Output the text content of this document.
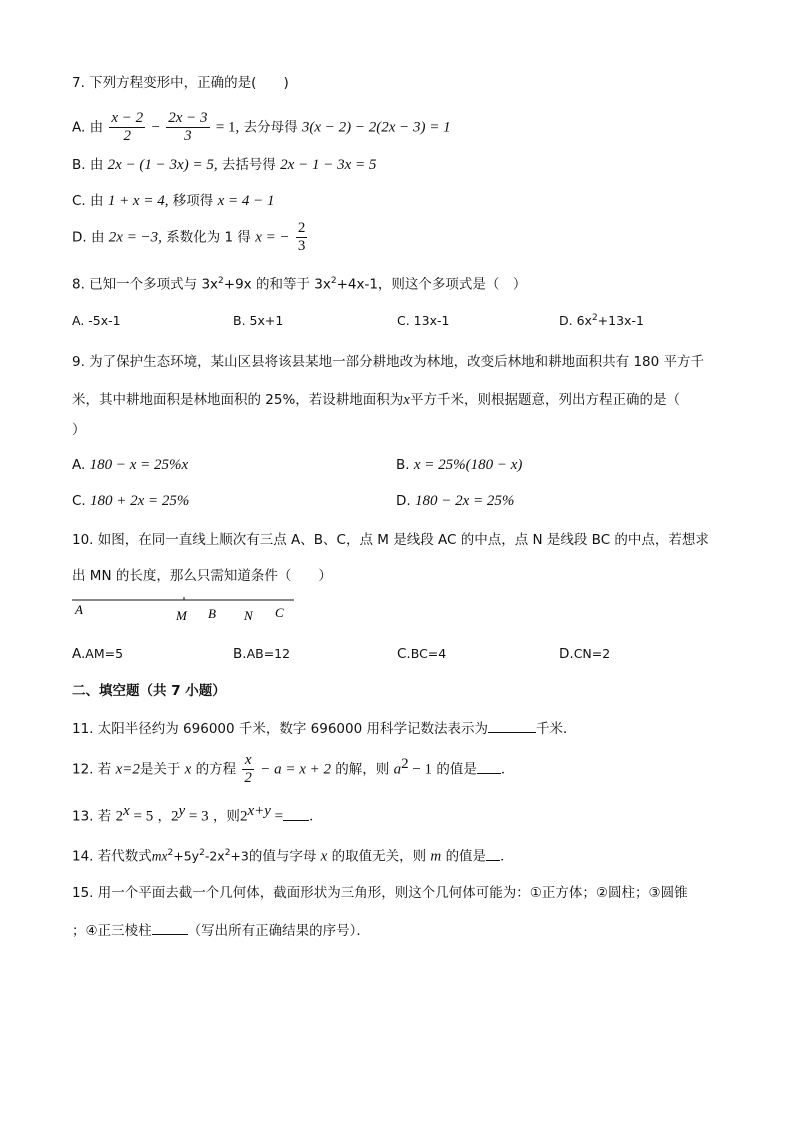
7. 下列方程变形中，正确的是(　　)
A. 由 $\frac{x - 2}{2} - \frac{2x - 3}{3} = 1$, 去分母得 3(x − 2) − 2(2x − 3) = 1
B. 由 2x − (1 − 3x) = 5, 去括号得 2x − 1 − 3x = 5
C. 由 1 + x = 4, 移项得 x = 4 − 1
D. 由 2x = −3, 系数化为 1 得 x = − $\frac{2}{3}$
8. 已知一个多项式与 $3x^2+9x$ 的和等于 $3x^2+4x-1$，则这个多项式是（　）
A. -5x-1	B. 5x+1	C. 13x-1	D. $6x^2+13x-1$
9. 为了保护生态环境，某山区县将该县某地一部分耕地改为林地，改变后林地和耕地面积共有 180 平方千
米，其中耕地面积是林地面积的 25%，若设耕地面积为x平方千米，则根据题意，列出方程正确的是（
）
A. 180 − x = 25%x	B. x = 25%(180 − x)
C. 180 + 2x = 25%	D. 180 − 2x = 25%
10. 如图，在同一直线上顺次有三点 A、B、C，点 M 是线段 AC 的中点，点 N 是线段 BC 的中点，若想求
出 MN 的长度，那么只需知道条件（　　）
A	M B N C
A.AM=5	B.AB=12	C.BC=4	D.CN=2
二、填空题（共 7 小题）
11. 太阳半径约为 696000 千米，数字 696000 用科学记数法表示为	千米．
12. 若 x=2是关于 x 的方程 $\frac{x}{2} - a = x + 2$ 的解，则 $a^2 - 1$ 的值是 ．
13. 若 $2^x = 5$ ，$2^y = 3$ ，则$2^{x+y}$ = ．
14. 若代数式$mx^2+5y^2-2x^2+3$的值与字母 x 的取值无关，则 m 的值是 ．
15. 用一个平面去截一个几何体，截面形状为三角形，则这个几何体可能为：①正方体；②圆柱；③圆锥
；④正三棱柱	（写出所有正确结果的序号）．
